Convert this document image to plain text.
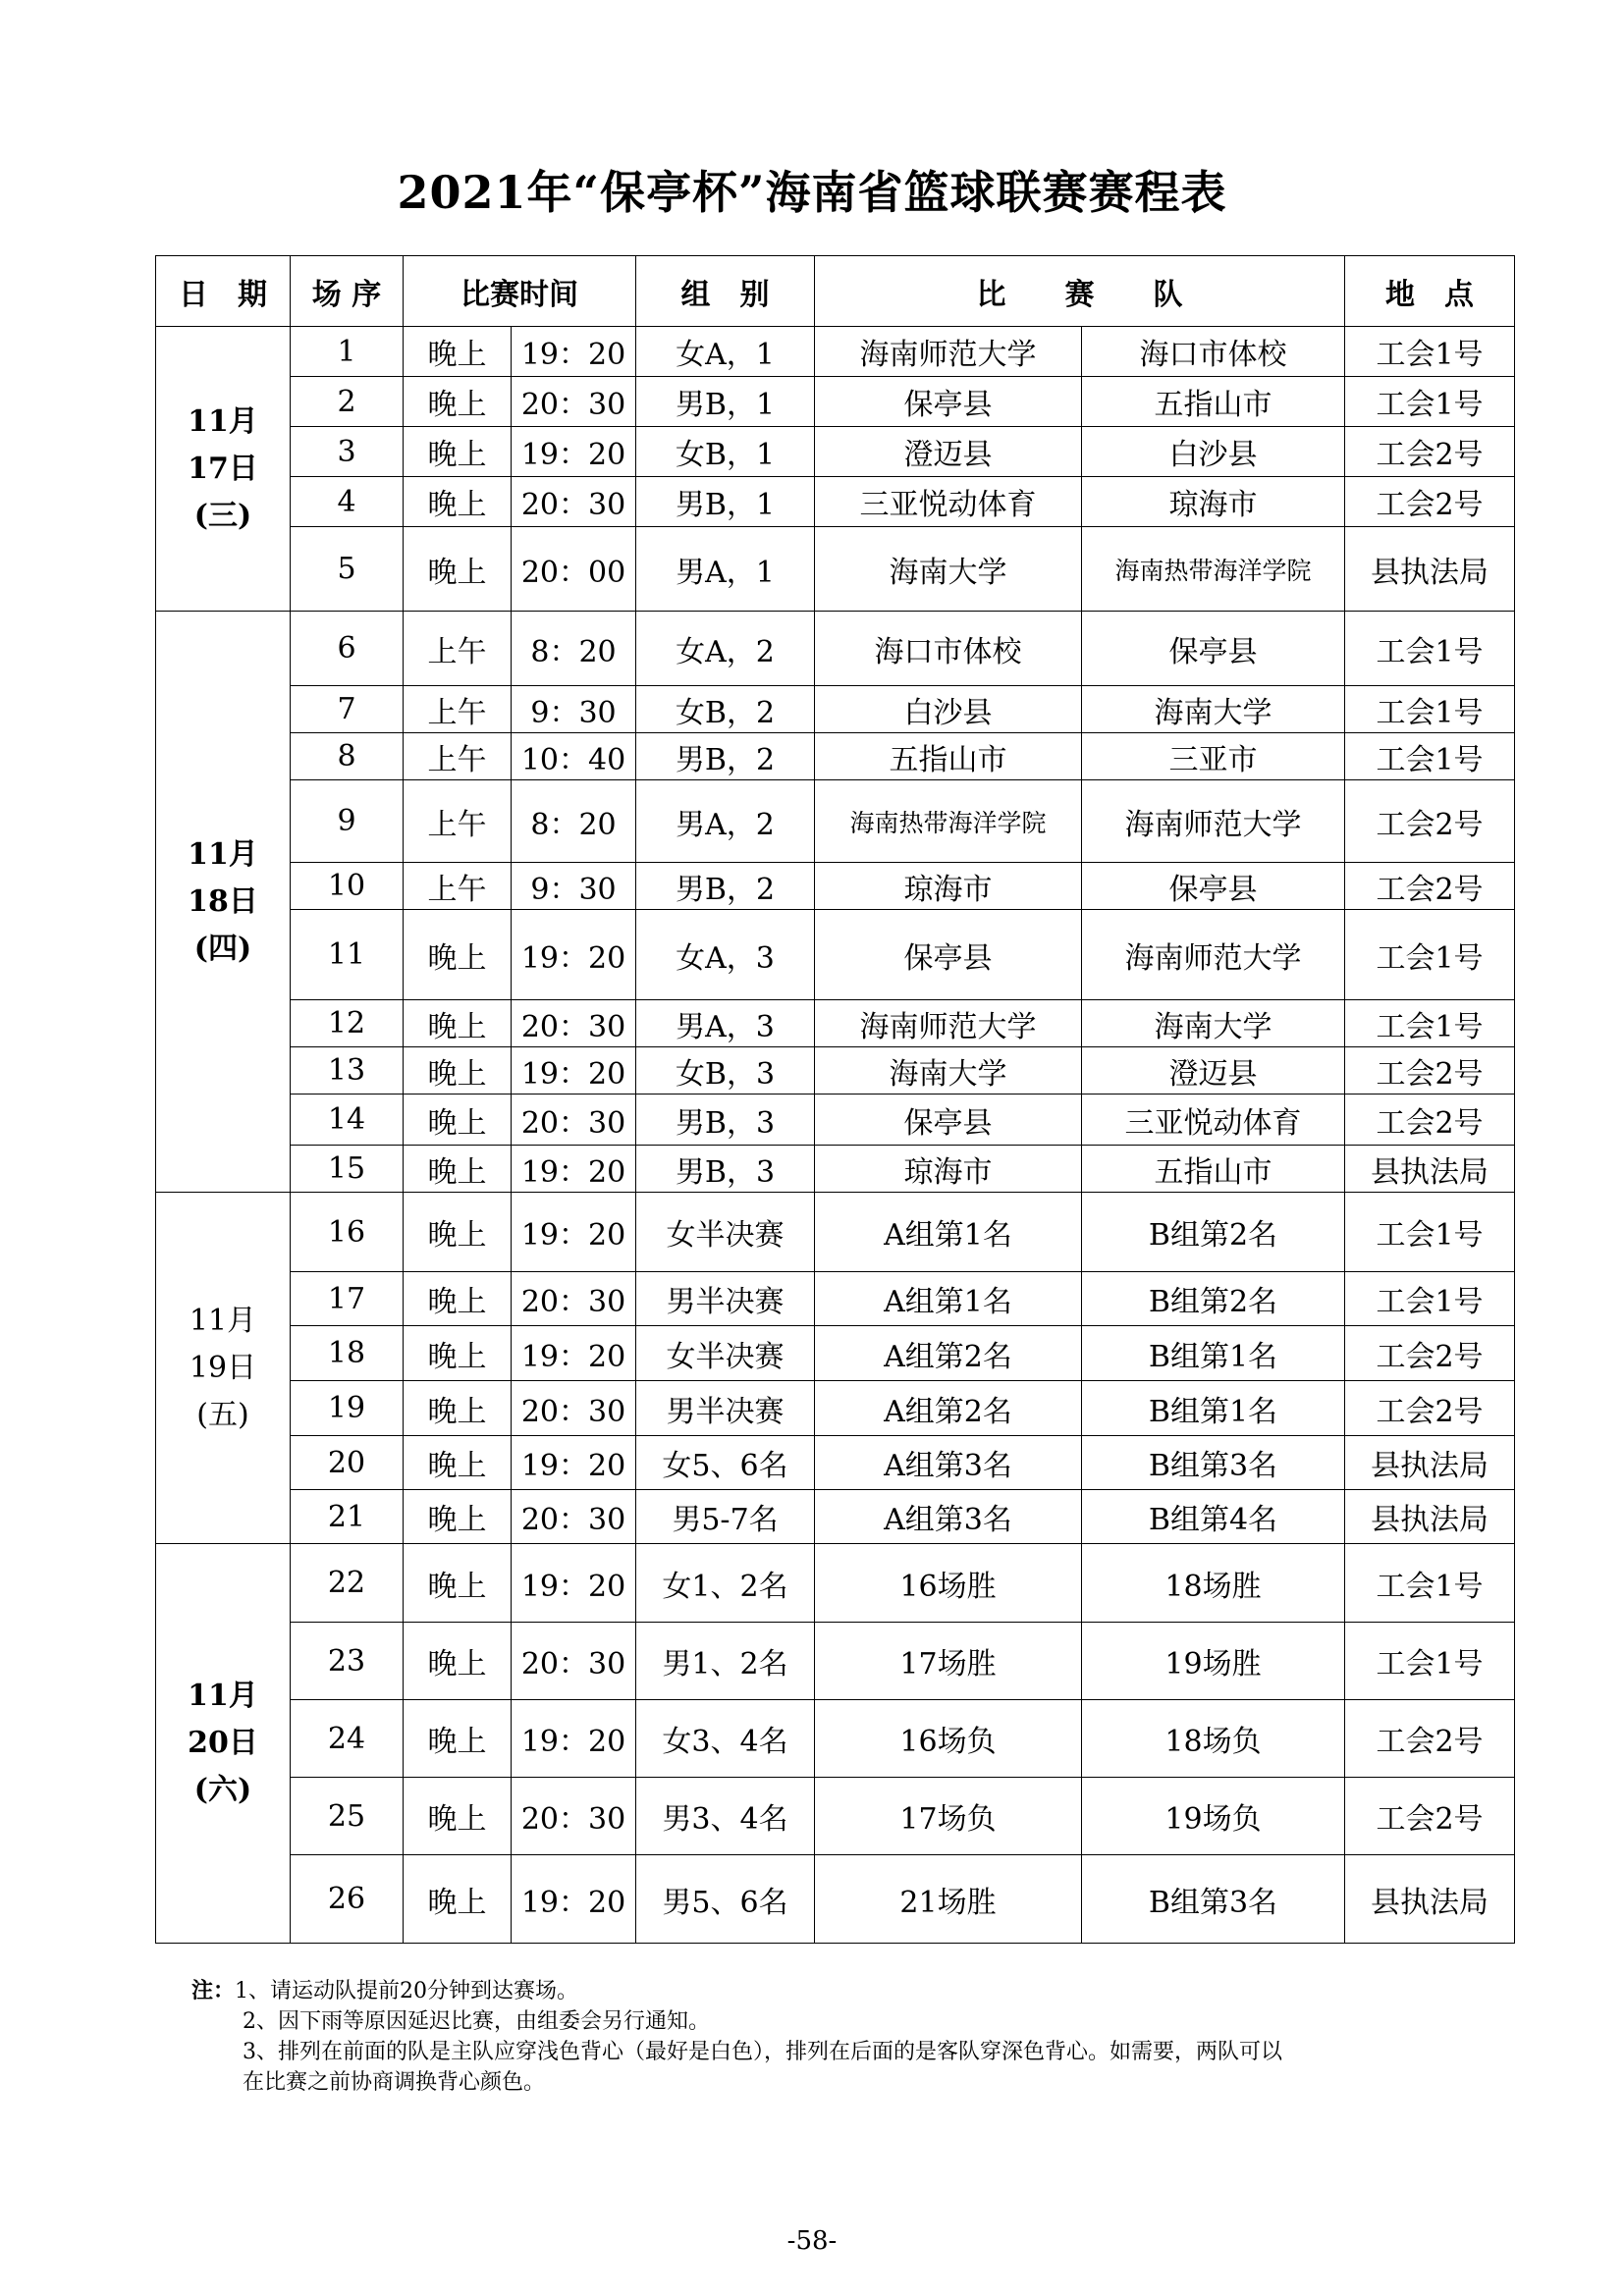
2021年“保亭杯”海南省篮球联赛赛程表
日　期	场 序	比赛时间		组　别	比　　赛　　队		地　点

11月
17日
(三)	1	晚上	19：20	女A，1	海南师范大学	海口市体校	工会1号
	2	晚上	20：30	男B，1	保亭县	五指山市	工会1号
	3	晚上	19：20	女B，1	澄迈县	白沙县	工会2号
	4	晚上	20：30	男B，1	三亚悦动体育	琼海市	工会2号
	5	晚上	20：00	男A，1	海南大学	海南热带海洋学院	县执法局

11月
18日
(四)	6	上午	8：20	女A，2	海口市体校	保亭县	工会1号
	7	上午	9：30	女B，2	白沙县	海南大学	工会1号
	8	上午	10：40	男B，2	五指山市	三亚市	工会1号
	9	上午	8：20	男A，2	海南热带海洋学院	海南师范大学	工会2号
	10	上午	9：30	男B，2	琼海市	保亭县	工会2号
	11	晚上	19：20	女A，3	保亭县	海南师范大学	工会1号
	12	晚上	20：30	男A，3	海南师范大学	海南大学	工会1号
	13	晚上	19：20	女B，3	海南大学	澄迈县	工会2号
	14	晚上	20：30	男B，3	保亭县	三亚悦动体育	工会2号
	15	晚上	19：20	男B，3	琼海市	五指山市	县执法局

11月
19日
(五)	16	晚上	19：20	女半决赛	A组第1名	B组第2名	工会1号
	17	晚上	20：30	男半决赛	A组第1名	B组第2名	工会1号
	18	晚上	19：20	女半决赛	A组第2名	B组第1名	工会2号
	19	晚上	20：30	男半决赛	A组第2名	B组第1名	工会2号
	20	晚上	19：20	女5、6名	A组第3名	B组第3名	县执法局
	21	晚上	20：30	男5-7名	A组第3名	B组第4名	县执法局

11月
20日
(六)	22	晚上	19：20	女1、2名	16场胜	18场胜	工会1号
	23	晚上	20：30	男1、2名	17场胜	19场胜	工会1号
	24	晚上	19：20	女3、4名	16场负	18场负	工会2号
	25	晚上	20：30	男3、4名	17场负	19场负	工会2号
	26	晚上	19：20	男5、6名	21场胜	B组第3名	县执法局
注：1、请运动队提前20分钟到达赛场。
2、因下雨等原因延迟比赛，由组委会另行通知。
3、排列在前面的队是主队应穿浅色背心（最好是白色），排列在后面的是客队穿深色背心。如需要，两队可以
在比赛之前协商调换背心颜色。
-58-
